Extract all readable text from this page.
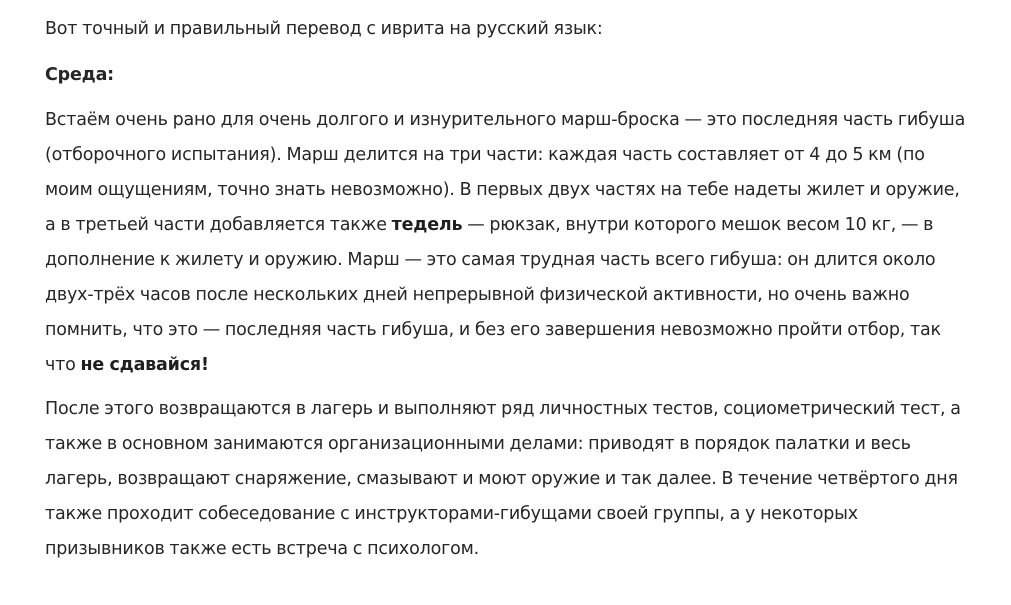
Вот точный и правильный перевод с иврита на русский язык:

Среда:

Встаём очень рано для очень долгого и изнурительного марш-броска — это последняя часть гибуша (отборочного испытания). Марш делится на три части: каждая часть составляет от 4 до 5 км (по моим ощущениям, точно знать невозможно). В первых двух частях на тебе надеты жилет и оружие, а в третьей части добавляется также тедель — рюкзак, внутри которого мешок весом 10 кг, — в дополнение к жилету и оружию. Марш — это самая трудная часть всего гибуша: он длится около двух-трёх часов после нескольких дней непрерывной физической активности, но очень важно помнить, что это — последняя часть гибуша, и без его завершения невозможно пройти отбор, так что не сдавайся!

После этого возвращаются в лагерь и выполняют ряд личностных тестов, социометрический тест, а также в основном занимаются организационными делами: приводят в порядок палатки и весь лагерь, возвращают снаряжение, смазывают и моют оружие и так далее. В течение четвёртого дня также проходит собеседование с инструкторами-гибущами своей группы, а у некоторых призывников также есть встреча с психологом.
